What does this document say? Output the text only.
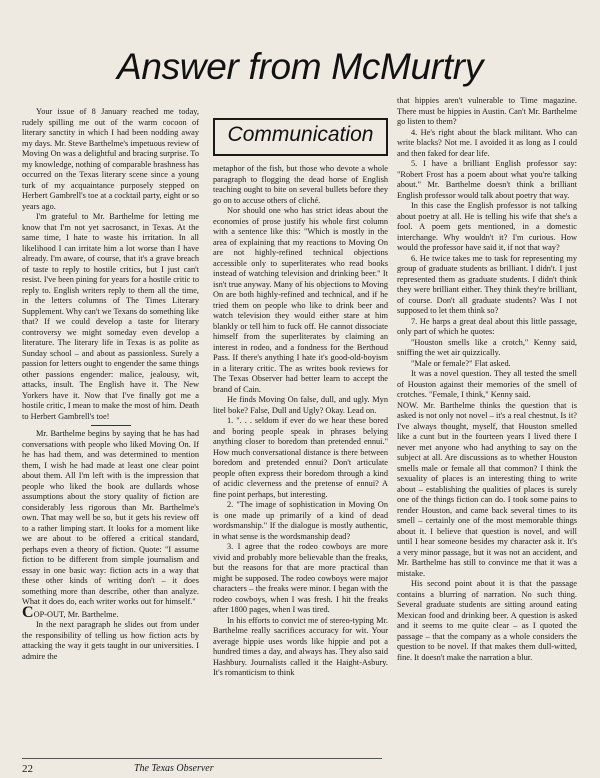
Answer from McMurtry

Your issue of 8 January reached me today, rudely spilling me out of the warm cocoon of literary sanctity in which I had been nodding away my days. Mr. Steve Barthelme's impetuous review of Moving On was a delightful and bracing surprise. To my knowledge, nothing of comparable brashness has occurred on the Texas literary scene since a young turk of my acquaintance purposely stepped on Herbert Gambrell's toe at a cocktail party, eight or so years ago.

I'm grateful to Mr. Barthelme for letting me know that I'm not yet sacrosanct, in Texas. At the same time, I hate to waste his irritation. In all likelihood I can irritate him a lot worse than I have already. I'm aware, of course, that it's a grave breach of taste to reply to hostile critics, but I just can't resist. I've been pining for years for a hostile critic to reply to. English writers reply to them all the time, in the letters columns of The Times Literary Supplement. Why can't we Texans do something like that? If we could develop a taste for literary controversy we might someday even develop a literature. The literary life in Texas is as polite as Sunday school – and about as passionless. Surely a passion for letters ought to engender the same things other passions engender: malice, jealousy, wit, attacks, insult. The English have it. The New Yorkers have it. Now that I've finally got me a hostile critic, I mean to make the most of him. Death to Herbert Gambrell's toe!

Mr. Barthelme begins by saying that he has had conversations with people who liked Moving On. If he has had them, and was determined to mention them, I wish he had made at least one clear point about them. All I'm left with is the impression that people who liked the book are dullards whose assumptions about the story quality of fiction are considerably less rigorous than Mr. Barthelme's own. That may well be so, but it gets his review off to a rather limping start. It looks for a moment like we are about to be offered a critical standard, perhaps even a theory of fiction. Quote: "I assume fiction to be different from simple journalism and essay in one basic way: fiction acts in a way that these other kinds of writing don't – it does something more than describe, other than analyze. What it does do, each writer works out for himself."

COP-OUT, Mr. Barthelme.

In the next paragraph he slides out from under the responsibility of telling us how fiction acts by attacking the way it gets taught in our universities. I admire the

Communication

metaphor of the fish, but those who devote a whole paragraph to flogging the dead horse of English teaching ought to bite on several bullets before they go on to accuse others of cliché.

Nor should one who has strict ideas about the economies of prose justify his whole first column with a sentence like this: "Which is mostly in the area of explaining that my reactions to Moving On are not highly-refined technical objections accessible only to superliterates who read books instead of watching television and drinking beer." It isn't true anyway. Many of his objections to Moving On are both highly-refined and technical, and if he tried them on people who like to drink beer and watch television they would either stare at him blankly or tell him to fuck off. He cannot dissociate himself from the superliterates by claiming an interest in rodeo, and a fondness for the Berthoud Pass. If there's anything I hate it's good-old-boyism in a literary critic. The as writes book reviews for The Texas Observer had better learn to accept the brand of Cain.

He finds Moving On false, dull, and ugly. Myn litel boke? False, Dull and Ugly? Okay. Lead on.

1. ". . . seldom if ever do we hear these bored and boring people speak in phrases belying anything closer to boredom than pretended ennui." How much conversational distance is there between boredom and pretended ennui? Don't articulate people often express their boredom through a kind of acidic cleverness and the pretense of ennui? A fine point perhaps, but interesting.

2. "The image of sophistication in Moving On is one made up primarily of a kind of dead wordsmanship." If the dialogue is mostly authentic, in what sense is the wordsmanship dead?

3. I agree that the rodeo cowboys are more vivid and probably more believable than the freaks, but the reasons for that are more practical than might be supposed. The rodeo cowboys were major characters – the freaks were minor. I began with the rodeo cowboys, when I was fresh. I hit the freaks after 1800 pages, when I was tired.

In his efforts to convict me of stereo-typing Mr. Barthelme really sacrifices accuracy for wit. Your average hippie uses words like hippie and pot a hundred times a day, and always has. They also said Hashbury. Journalists called it the Haight-Asbury. It's romanticism to think

that hippies aren't vulnerable to Time magazine. There must be hippies in Austin. Can't Mr. Barthelme go listen to them?

4. He's right about the black militant. Who can write blacks? Not me. I avoided it as long as I could and then faked for dear life.

5. I have a brilliant English professor say: "Robert Frost has a poem about what you're talking about." Mr. Barthelme doesn't think a brilliant English professor would talk about poetry that way.

In this case the English professor is not talking about poetry at all. He is telling his wife that she's a fool. A poem gets mentioned, in a domestic interchange. Why wouldn't it? I'm curious. How would the professor have said it, if not that way?

6. He twice takes me to task for representing my group of graduate students as brilliant. I didn't. I just represented them as graduate students. I didn't think they were brilliant either. They think they're brilliant, of course. Don't all graduate students? Was I not supposed to let them think so?

7. He harps a great deal about this little passage, only part of which he quotes:

"Houston smells like a crotch," Kenny said, sniffing the wet air quizzically.

"Male or female?" Flat asked.

It was a novel question. They all tested the smell of Houston against their memories of the smell of crotches. "Female, I think," Kenny said.

NOW. Mr. Barthelme thinks the question that is asked is not only not novel – it's a real chestnut. Is it? I've always thought, myself, that Houston smelled like a cunt but in the fourteen years I lived there I never met anyone who had anything to say on the subject at all. Are discussions as to whether Houston smells male or female all that common? I think the sexuality of places is an interesting thing to write about – establishing the qualities of places is surely one of the things fiction can do. I took some pains to render Houston, and came back several times to its smell – certainly one of the most memorable things about it. I believe that question is novel, and will until I hear someone besides my character ask it. It's a very minor passage, but it was not an accident, and Mr. Barthelme has still to convince me that it was a mistake.

His second point about it is that the passage contains a blurring of narration. No such thing. Several graduate students are sitting around eating Mexican food and drinking beer. A question is asked and it seems to me quite clear – as I quoted the passage – that the company as a whole considers the question to be novel. If that makes them dull-witted, fine. It doesn't make the narration a blur.

22	The Texas Observer
